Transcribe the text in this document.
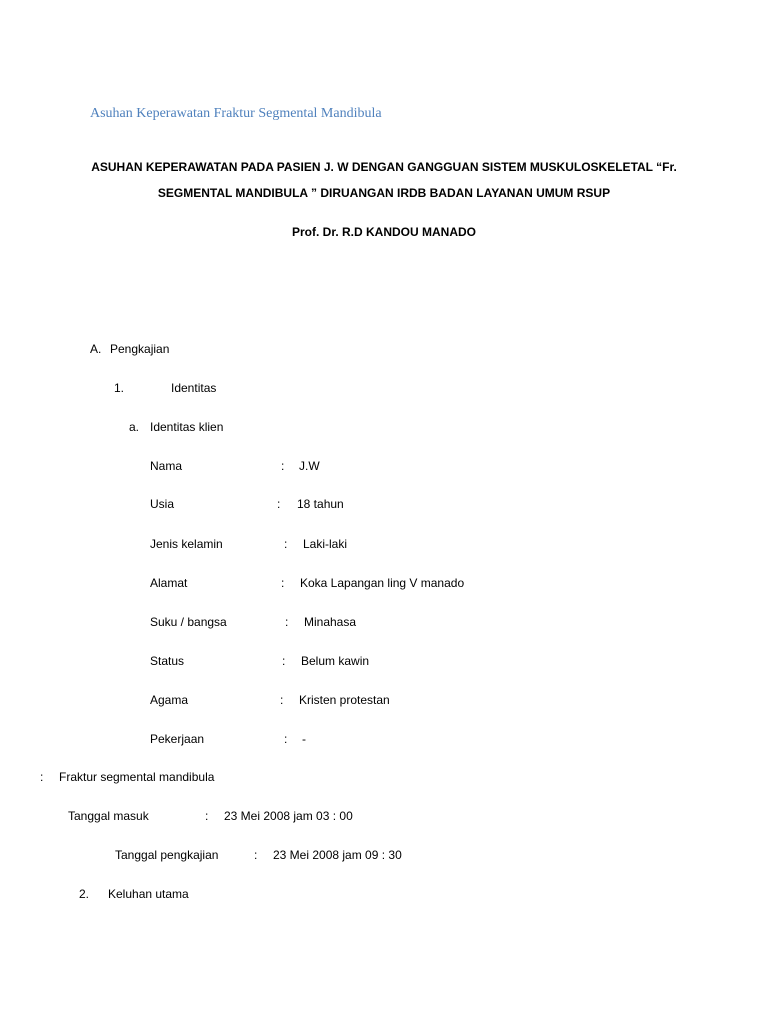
Asuhan Keperawatan Fraktur Segmental Mandibula
ASUHAN KEPERAWATAN PADA PASIEN J. W DENGAN GANGGUAN SISTEM MUSKULOSKELETAL “Fr.
SEGMENTAL MANDIBULA ” DIRUANGAN IRDB BADAN LAYANAN UMUM RSUP
Prof. Dr. R.D KANDOU MANADO
A. Pengkajian
1.	Identitas
a. Identitas klien
Nama	: J.W
Usia	: 18 tahun
Jenis kelamin	: Laki-laki
Alamat	: Koka Lapangan ling V manado
Suku / bangsa	: Minahasa
Status	: Belum kawin
Agama	: Kristen protestan
Pekerjaan	: -
: Fraktur segmental mandibula
Tanggal masuk	: 23 Mei 2008 jam 03 : 00
Tanggal pengkajian	: 23 Mei 2008 jam 09 : 30
2. Keluhan utama
